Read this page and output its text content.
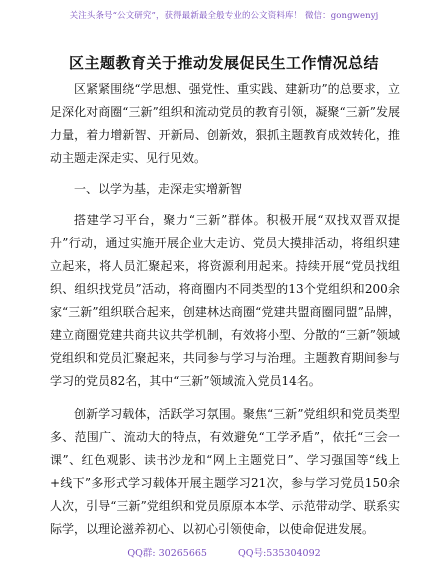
关注头条号“公文研究”，获得最新最全般专业的公文资料库！ 微信：gongwenyj
区主题教育关于推动发展促民生工作情况总结

区紧紧围绕“学思想、强党性、重实践、建新功”的总要求，立足深化对商圈“三新”组织和流动党员的教育引领，凝聚“三新”发展力量，着力增新智、开新局、创新效，狠抓主题教育成效转化，推动主题走深走实、见行见效。

一、以学为基，走深走实增新智

搭建学习平台，聚力“三新”群体。积极开展“双找双晋双提升”行动，通过实施开展企业大走访、党员大摸排活动，将组织建立起来，将人员汇聚起来，将资源利用起来。持续开展“党员找组织、组织找党员”活动，将商圈内不同类型的13个党组织和200余家“三新”组织联合起来，创建林达商圈“党建共盟商圈同盟”品牌，建立商圈党建共商共议共学机制，有效将小型、分散的“三新”领域党组织和党员汇聚起来，共同参与学习与治理。主题教育期间参与学习的党员82名，其中“三新”领域流入党员14名。

创新学习载体，活跃学习氛围。聚焦“三新”党组织和党员类型多、范围广、流动大的特点，有效避免“工学矛盾”，依托“三会一课”、红色观影、读书沙龙和“网上主题党日”、学习强国等“线上+线下”多形式学习载体开展主题学习21次，参与学习党员150余人次，引导“三新”党组织和党员原原本本学、示范带动学、联系实际学，以理论滋养初心、以初心引领使命，以使命促进发展。

QQ群: 30265665	QQ号:535304092
